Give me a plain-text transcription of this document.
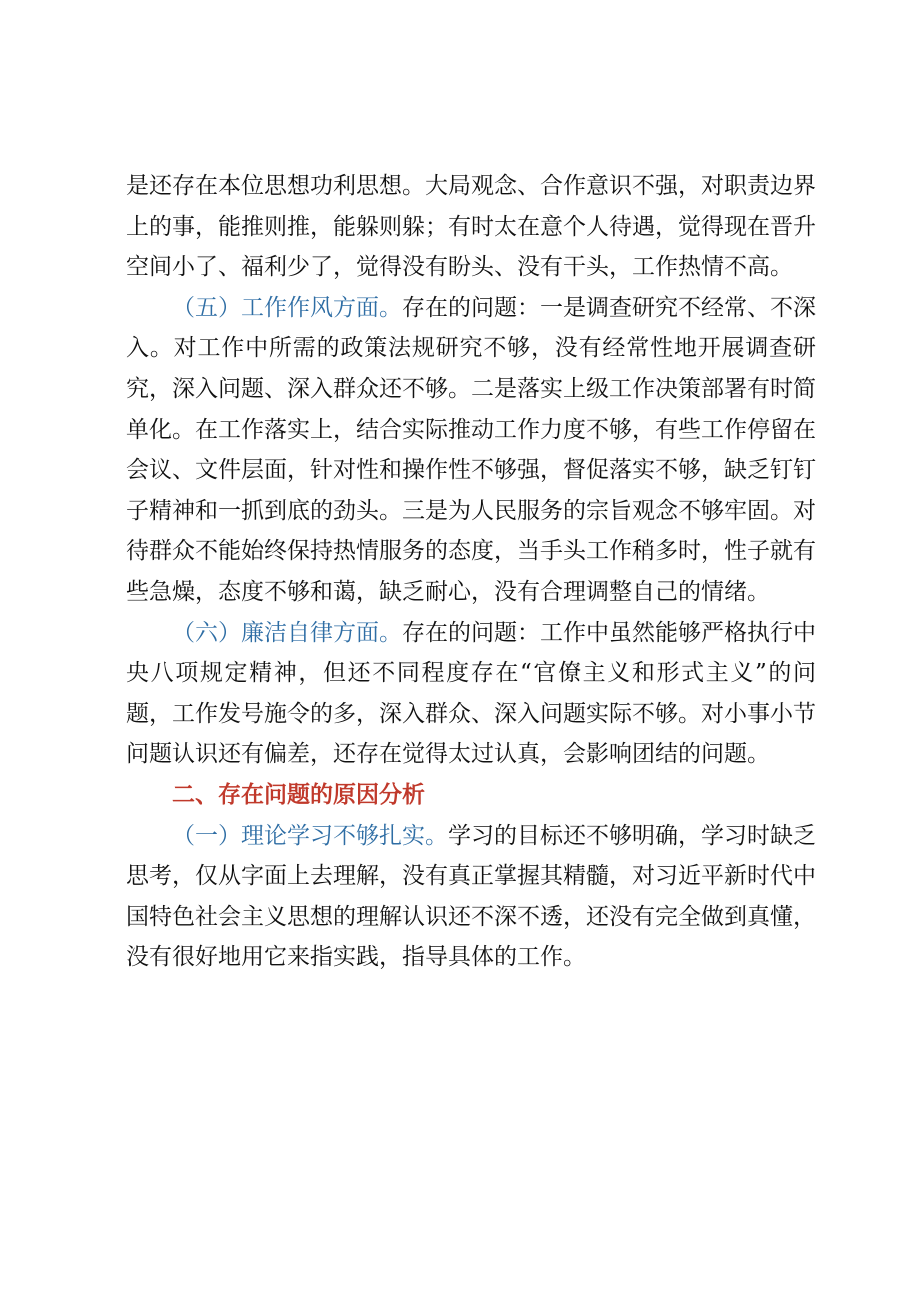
是还存在本位思想功利思想。大局观念、合作意识不强，对职责边界上的事，能推则推，能躲则躲；有时太在意个人待遇，觉得现在晋升空间小了、福利少了，觉得没有盼头、没有干头，工作热情不高。

（五）工作作风方面。存在的问题：一是调查研究不经常、不深入。对工作中所需的政策法规研究不够，没有经常性地开展调查研究，深入问题、深入群众还不够。二是落实上级工作决策部署有时简单化。在工作落实上，结合实际推动工作力度不够，有些工作停留在会议、文件层面，针对性和操作性不够强，督促落实不够，缺乏钉钉子精神和一抓到底的劲头。三是为人民服务的宗旨观念不够牢固。对待群众不能始终保持热情服务的态度，当手头工作稍多时，性子就有些急燥，态度不够和蔼，缺乏耐心，没有合理调整自己的情绪。

（六）廉洁自律方面。存在的问题：工作中虽然能够严格执行中央八项规定精神，但还不同程度存在“官僚主义和形式主义”的问题，工作发号施令的多，深入群众、深入问题实际不够。对小事小节问题认识还有偏差，还存在觉得太过认真，会影响团结的问题。

二、存在问题的原因分析

（一）理论学习不够扎实。学习的目标还不够明确，学习时缺乏思考，仅从字面上去理解，没有真正掌握其精髓，对习近平新时代中国特色社会主义思想的理解认识还不深不透，还没有完全做到真懂，没有很好地用它来指实践，指导具体的工作。
